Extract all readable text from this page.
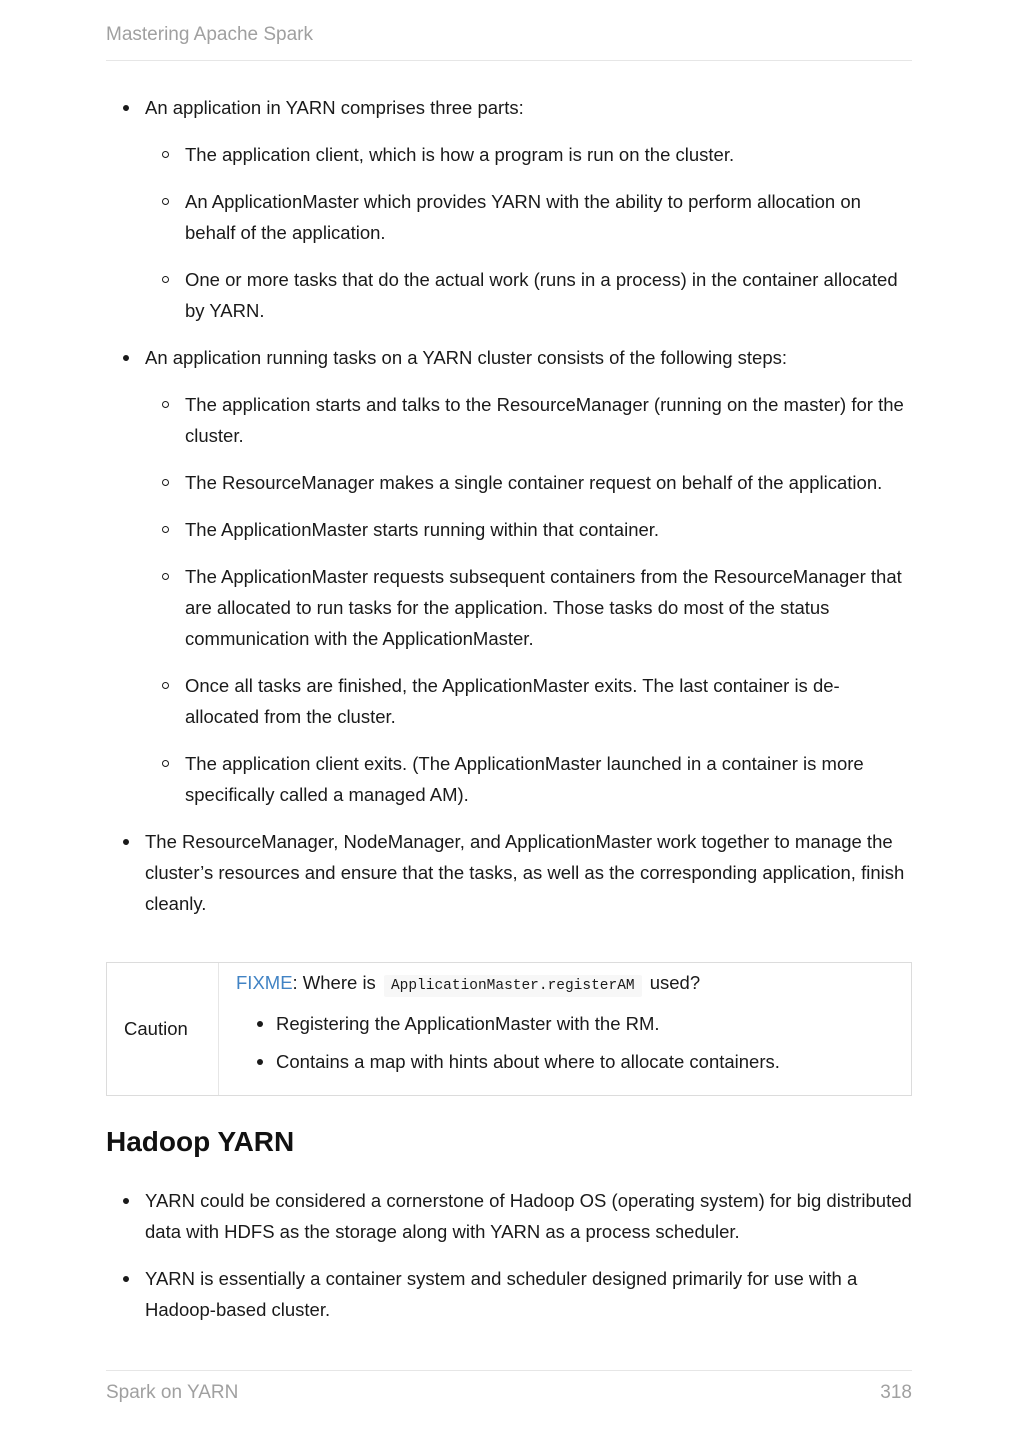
Mastering Apache Spark
An application in YARN comprises three parts:
The application client, which is how a program is run on the cluster.
An ApplicationMaster which provides YARN with the ability to perform allocation on behalf of the application.
One or more tasks that do the actual work (runs in a process) in the container allocated by YARN.
An application running tasks on a YARN cluster consists of the following steps:
The application starts and talks to the ResourceManager (running on the master) for the cluster.
The ResourceManager makes a single container request on behalf of the application.
The ApplicationMaster starts running within that container.
The ApplicationMaster requests subsequent containers from the ResourceManager that are allocated to run tasks for the application. Those tasks do most of the status communication with the ApplicationMaster.
Once all tasks are finished, the ApplicationMaster exits. The last container is de-allocated from the cluster.
The application client exits. (The ApplicationMaster launched in a container is more specifically called a managed AM).
The ResourceManager, NodeManager, and ApplicationMaster work together to manage the cluster’s resources and ensure that the tasks, as well as the corresponding application, finish cleanly.
Caution
FIXME: Where is ApplicationMaster.registerAM used?
Registering the ApplicationMaster with the RM.
Contains a map with hints about where to allocate containers.
Hadoop YARN
YARN could be considered a cornerstone of Hadoop OS (operating system) for big distributed data with HDFS as the storage along with YARN as a process scheduler.
YARN is essentially a container system and scheduler designed primarily for use with a Hadoop-based cluster.
Spark on YARN	318
